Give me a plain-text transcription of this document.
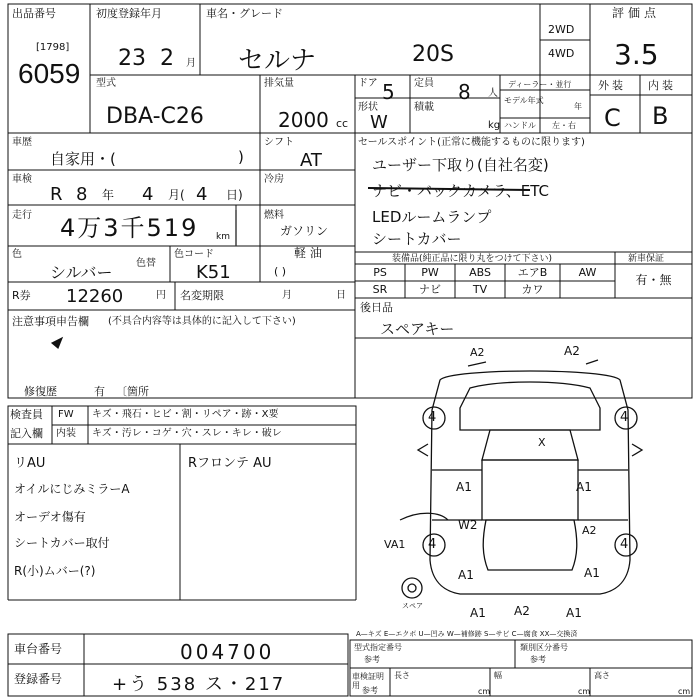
出品番号
[1798]
6059
初度登録年月
23 2 月
車名・グレード
セルナ	20S
2WD
4WD
評価点
3.5
外装 内装
C B
型式
DBA-C26
排気量
2000 cc
ドア 5 定員 8 人
形状
W
積載
kg
ディーラー・並行
モデル年式
年
ハンドル 左・右
車歴
自家用・(	)
シフト
AT
車検
R 8 年 4 月( 4 日)
冷房
走行 4万3千519 km
燃料
ガソリン
軽 油
( )
色
シルバー 色替
色コード
K51
R券 12260	円 名変期限	月	日
注意事項申告欄 (不具合内容等は具体的に記入して下さい)
修復歴	有 〔箇所
セールスポイント(正常に機能するものに限ります)
ユーザー下取り(自社名変)
ナビ・バックカメラ、ETC
LEDルームランプ
シートカバー
装備品(純正品に限り丸をつけて下さい)	新車保証
PS	PW	ABS	エアB	AW
SR	ナビ	TV	カワ
有・無
後日品
スペアキー
検査員
記入欄
FW キズ・飛石・ヒビ・割・リペア・跡・X要
内装 キズ・汚レ・コゲ・穴・スレ・キレ・破レ
リAU	Rフロンテ AU
オイルにじみミラーA
オーデオ傷有
シートカバー取付
R(小)ムバー(?)
A2	A2
X
A1	A1
W2	A2
A1	A1
A1 A2	A1
VA1
4	4
4	4
スペア
A—キズ E—エクボ U—凹み W—補修跡 S—サビ C—腐食 XX—交換済
車台番号	004700
登録番号	+う 538 ス・217
型式指定番号
参考
類別区分番号
参考
車検証明用
参考
長さ
cm
幅
cm
高さ
cm
